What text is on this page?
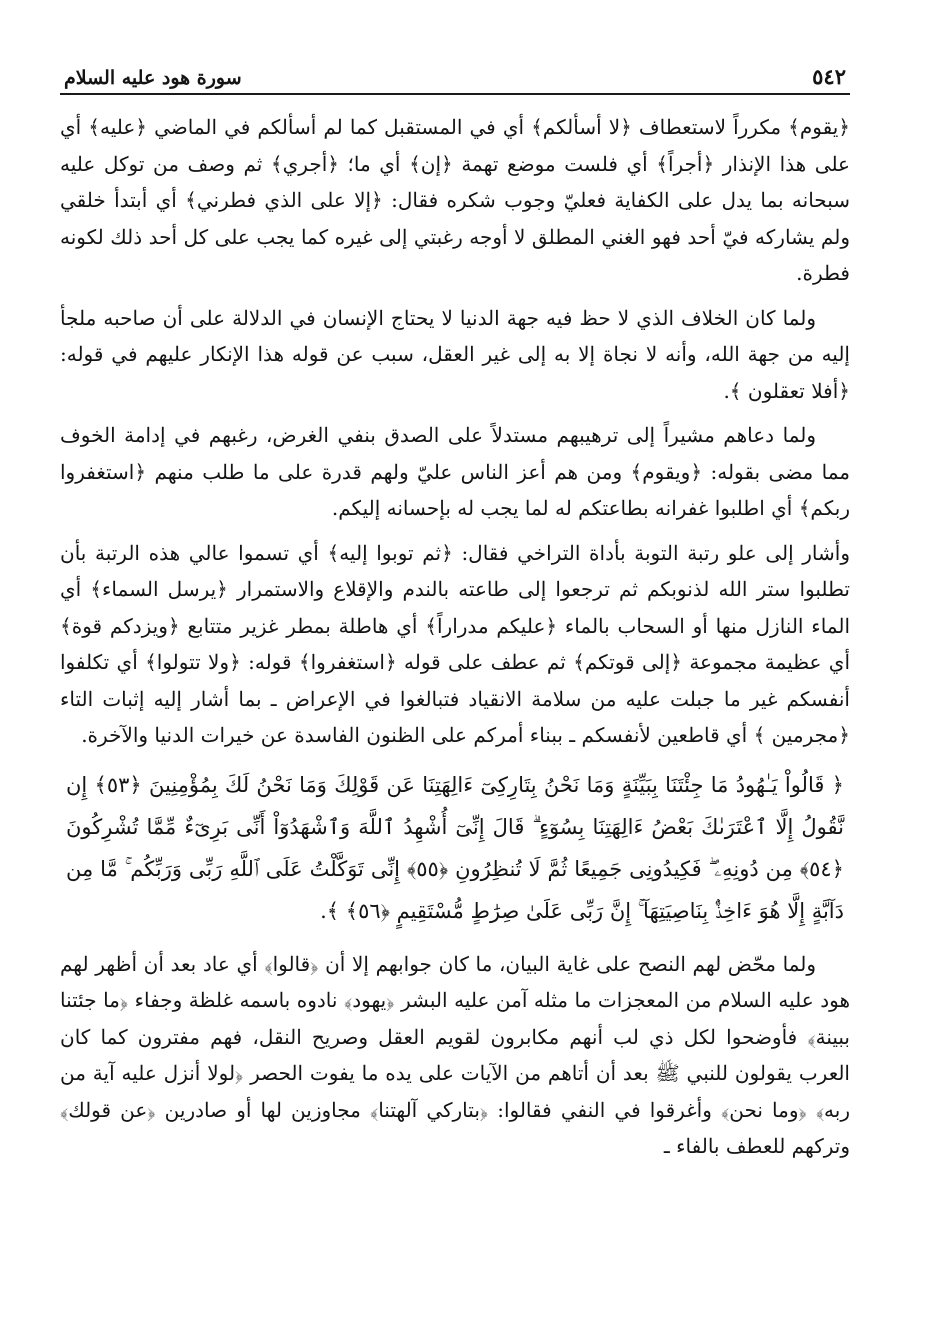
٥٤٢
سورة هود عليه السلام

﴿يقوم﴾ مكرراً لاستعطاف ﴿لا أسألكم﴾ أي في المستقبل كما لم أسألكم في الماضي ﴿عليه﴾ أي على هذا الإنذار ﴿أجراً﴾ أي فلست موضع تهمة ﴿إن﴾ أي ما؛ ﴿أجري﴾ ثم وصف من توكل عليه سبحانه بما يدل على الكفاية فعليّ وجوب شكره فقال: ﴿إلا على الذي فطرني﴾ أي أبتدأ خلقي ولم يشاركه فيّ أحد فهو الغني المطلق لا أوجه رغبتي إلى غيره كما يجب على كل أحد ذلك لكونه فطرة.

ولما كان الخلاف الذي لا حظ فيه جهة الدنيا لا يحتاج الإنسان في الدلالة على أن صاحبه ملجأ إليه من جهة الله، وأنه لا نجاة إلا به إلى غير العقل، سبب عن قوله هذا الإنكار عليهم في قوله: ﴿أفلا تعقلون ﴾.

ولما دعاهم مشيراً إلى ترهيبهم مستدلاً على الصدق بنفي الغرض، رغبهم في إدامة الخوف مما مضى بقوله: ﴿ويقوم﴾ ومن هم أعز الناس عليّ ولهم قدرة على ما طلب منهم ﴿استغفروا ربكم﴾ أي اطلبوا غفرانه بطاعتكم له لما يجب له بإحسانه إليكم.

وأشار إلى علو رتبة التوبة بأداة التراخي فقال: ﴿ثم توبوا إليه﴾ أي تسموا عالي هذه الرتبة بأن تطلبوا ستر الله لذنوبكم ثم ترجعوا إلى طاعته بالندم والإقلاع والاستمرار ﴿يرسل السماء﴾ أي الماء النازل منها أو السحاب بالماء ﴿عليكم مدراراً﴾ أي هاطلة بمطر غزير متتابع ﴿ويزدكم قوة﴾ أي عظيمة مجموعة ﴿إلى قوتكم﴾ ثم عطف على قوله ﴿استغفروا﴾ قوله: ﴿ولا تتولوا﴾ أي تكلفوا أنفسكم غير ما جبلت عليه من سلامة الانقياد فتبالغوا في الإعراض ـ بما أشار إليه إثبات التاء ﴿مجرمين ﴾ أي قاطعين لأنفسكم ـ ببناء أمركم على الظنون الفاسدة عن خيرات الدنيا والآخرة.

﴿ قَالُواْ يَـٰهُودُ مَا جِئْتَنَا بِبَيِّنَةٍ وَمَا نَحْنُ بِتَارِكِىٓ ءَالِهَتِنَا عَن قَوْلِكَ وَمَا نَحْنُ لَكَ بِمُؤْمِنِينَ ﴿٥٣﴾ إِن نَّقُولُ إِلَّا ٱعْتَرَىٰكَ بَعْضُ ءَالِهَتِنَا بِسُوٓءٍ ۗ قَالَ إِنِّىٓ أُشْهِدُ ٱللَّهَ وَٱشْهَدُوٓاْ أَنِّى بَرِىٓءٌ مِّمَّا تُشْرِكُونَ ﴿٥٤﴾ مِن دُونِهِۦ ۖ فَكِيدُونِى جَمِيعًا ثُمَّ لَا تُنظِرُونِ ﴿٥٥﴾ إِنِّى تَوَكَّلْتُ عَلَى ٱللَّهِ رَبِّى وَرَبِّكُم ۚ مَّا مِن دَآبَّةٍ إِلَّا هُوَ ءَاخِذٌۢ بِنَاصِيَتِهَآ ۚ إِنَّ رَبِّى عَلَىٰ صِرَٰطٍ مُّسْتَقِيمٍ ﴿٥٦﴾ ﴾.

ولما محّض لهم النصح على غاية البيان، ما كان جوابهم إلا أن ﴿قالوا﴾ أي عاد بعد أن أظهر لهم هود عليه السلام من المعجزات ما مثله آمن عليه البشر ﴿يهود﴾ نادوه باسمه غلظة وجفاء ﴿ما جئتنا ببينة﴾ فأوضحوا لكل ذي لب أنهم مكابرون لقويم العقل وصريح النقل، فهم مفترون كما كان العرب يقولون للنبي ﷺ بعد أن أتاهم من الآيات على يده ما يفوت الحصر ﴿لولا أنزل عليه آية من ربه﴾ ﴿وما نحن﴾ وأغرقوا في النفي فقالوا: ﴿بتاركي آلهتنا﴾ مجاوزين لها أو صادرين ﴿عن قولك﴾ وتركهم للعطف بالفاء ـ
